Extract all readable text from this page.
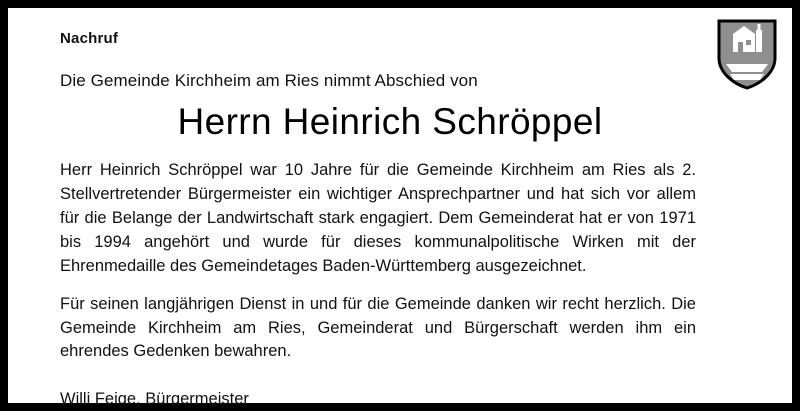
Nachruf
Die Gemeinde Kirchheim am Ries nimmt Abschied von
Herrn Heinrich Schröppel

Herr Heinrich Schröppel war 10 Jahre für die Gemeinde Kirchheim am Ries als 2. Stellvertretender Bürgermeister ein wichtiger Ansprechpartner und hat sich vor allem für die Belange der Landwirtschaft stark engagiert. Dem Gemeinderat hat er von 1971 bis 1994 angehört und wurde für dieses kommunalpolitische Wirken mit der Ehrenmedaille des Gemeindetages Baden-Württemberg ausgezeichnet.

Für seinen langjährigen Dienst in und für die Gemeinde danken wir recht herzlich. Die Gemeinde Kirchheim am Ries, Gemeinderat und Bürgerschaft werden ihm ein ehrendes Gedenken bewahren.

Willi Feige, Bürgermeister
